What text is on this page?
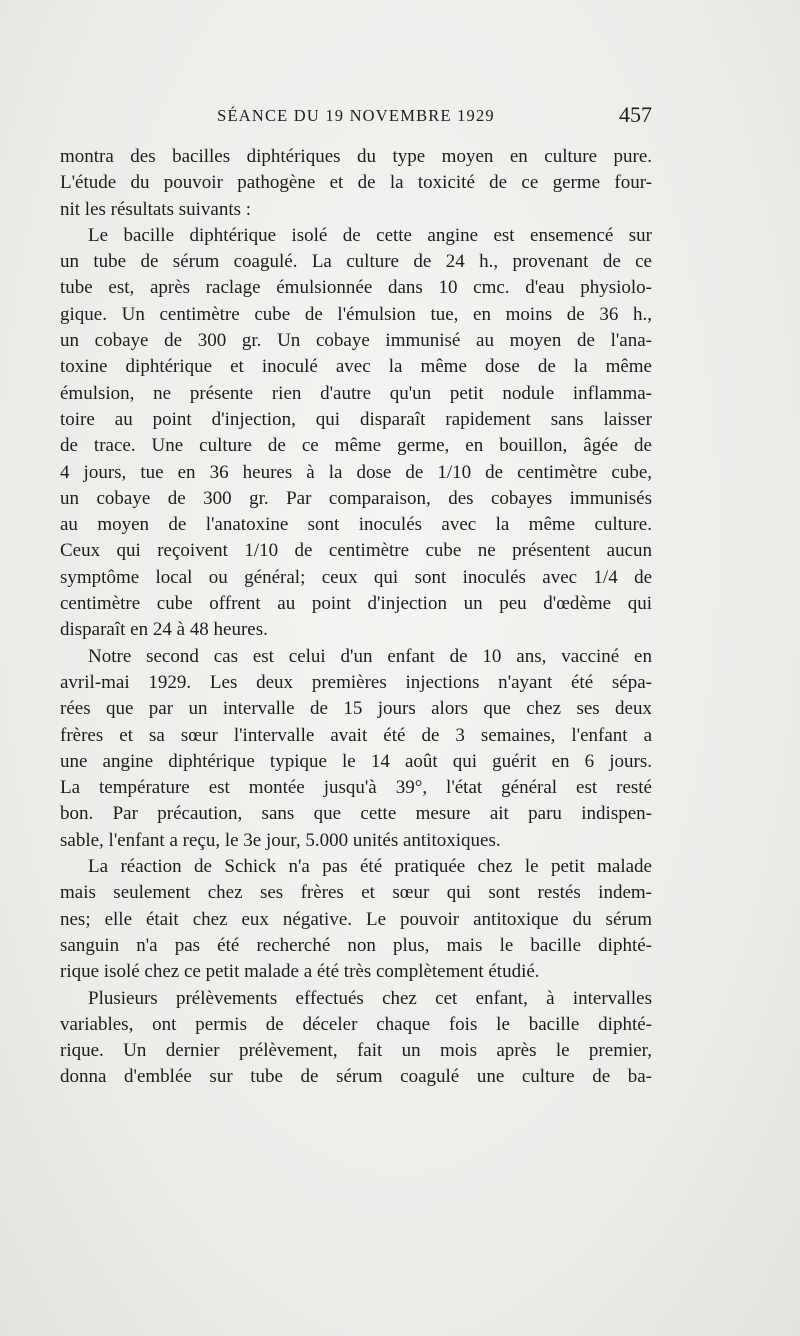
SÉANCE DU 19 NOVEMBRE 1929	457
montra des bacilles diphtériques du type moyen en culture pure.
L'étude du pouvoir pathogène et de la toxicité de ce germe four-
nit les résultats suivants :
Le bacille diphtérique isolé de cette angine est ensemencé sur
un tube de sérum coagulé. La culture de 24 h., provenant de ce
tube est, après raclage émulsionnée dans 10 cmc. d'eau physiolo-
gique. Un centimètre cube de l'émulsion tue, en moins de 36 h.,
un cobaye de 300 gr. Un cobaye immunisé au moyen de l'ana-
toxine diphtérique et inoculé avec la même dose de la même
émulsion, ne présente rien d'autre qu'un petit nodule inflamma-
toire au point d'injection, qui disparaît rapidement sans laisser
de trace. Une culture de ce même germe, en bouillon, âgée de
4 jours, tue en 36 heures à la dose de 1/10 de centimètre cube,
un cobaye de 300 gr. Par comparaison, des cobayes immunisés
au moyen de l'anatoxine sont inoculés avec la même culture.
Ceux qui reçoivent 1/10 de centimètre cube ne présentent aucun
symptôme local ou général; ceux qui sont inoculés avec 1/4 de
centimètre cube offrent au point d'injection un peu d'œdème qui
disparaît en 24 à 48 heures.
Notre second cas est celui d'un enfant de 10 ans, vacciné en
avril-mai 1929. Les deux premières injections n'ayant été sépa-
rées que par un intervalle de 15 jours alors que chez ses deux
frères et sa sœur l'intervalle avait été de 3 semaines, l'enfant a
une angine diphtérique typique le 14 août qui guérit en 6 jours.
La température est montée jusqu'à 39°, l'état général est resté
bon. Par précaution, sans que cette mesure ait paru indispen-
sable, l'enfant a reçu, le 3e jour, 5.000 unités antitoxiques.
La réaction de Schick n'a pas été pratiquée chez le petit malade
mais seulement chez ses frères et sœur qui sont restés indem-
nes; elle était chez eux négative. Le pouvoir antitoxique du sérum
sanguin n'a pas été recherché non plus, mais le bacille diphté-
rique isolé chez ce petit malade a été très complètement étudié.
Plusieurs prélèvements effectués chez cet enfant, à intervalles
variables, ont permis de déceler chaque fois le bacille diphté-
rique. Un dernier prélèvement, fait un mois après le premier,
donna d'emblée sur tube de sérum coagulé une culture de ba-
